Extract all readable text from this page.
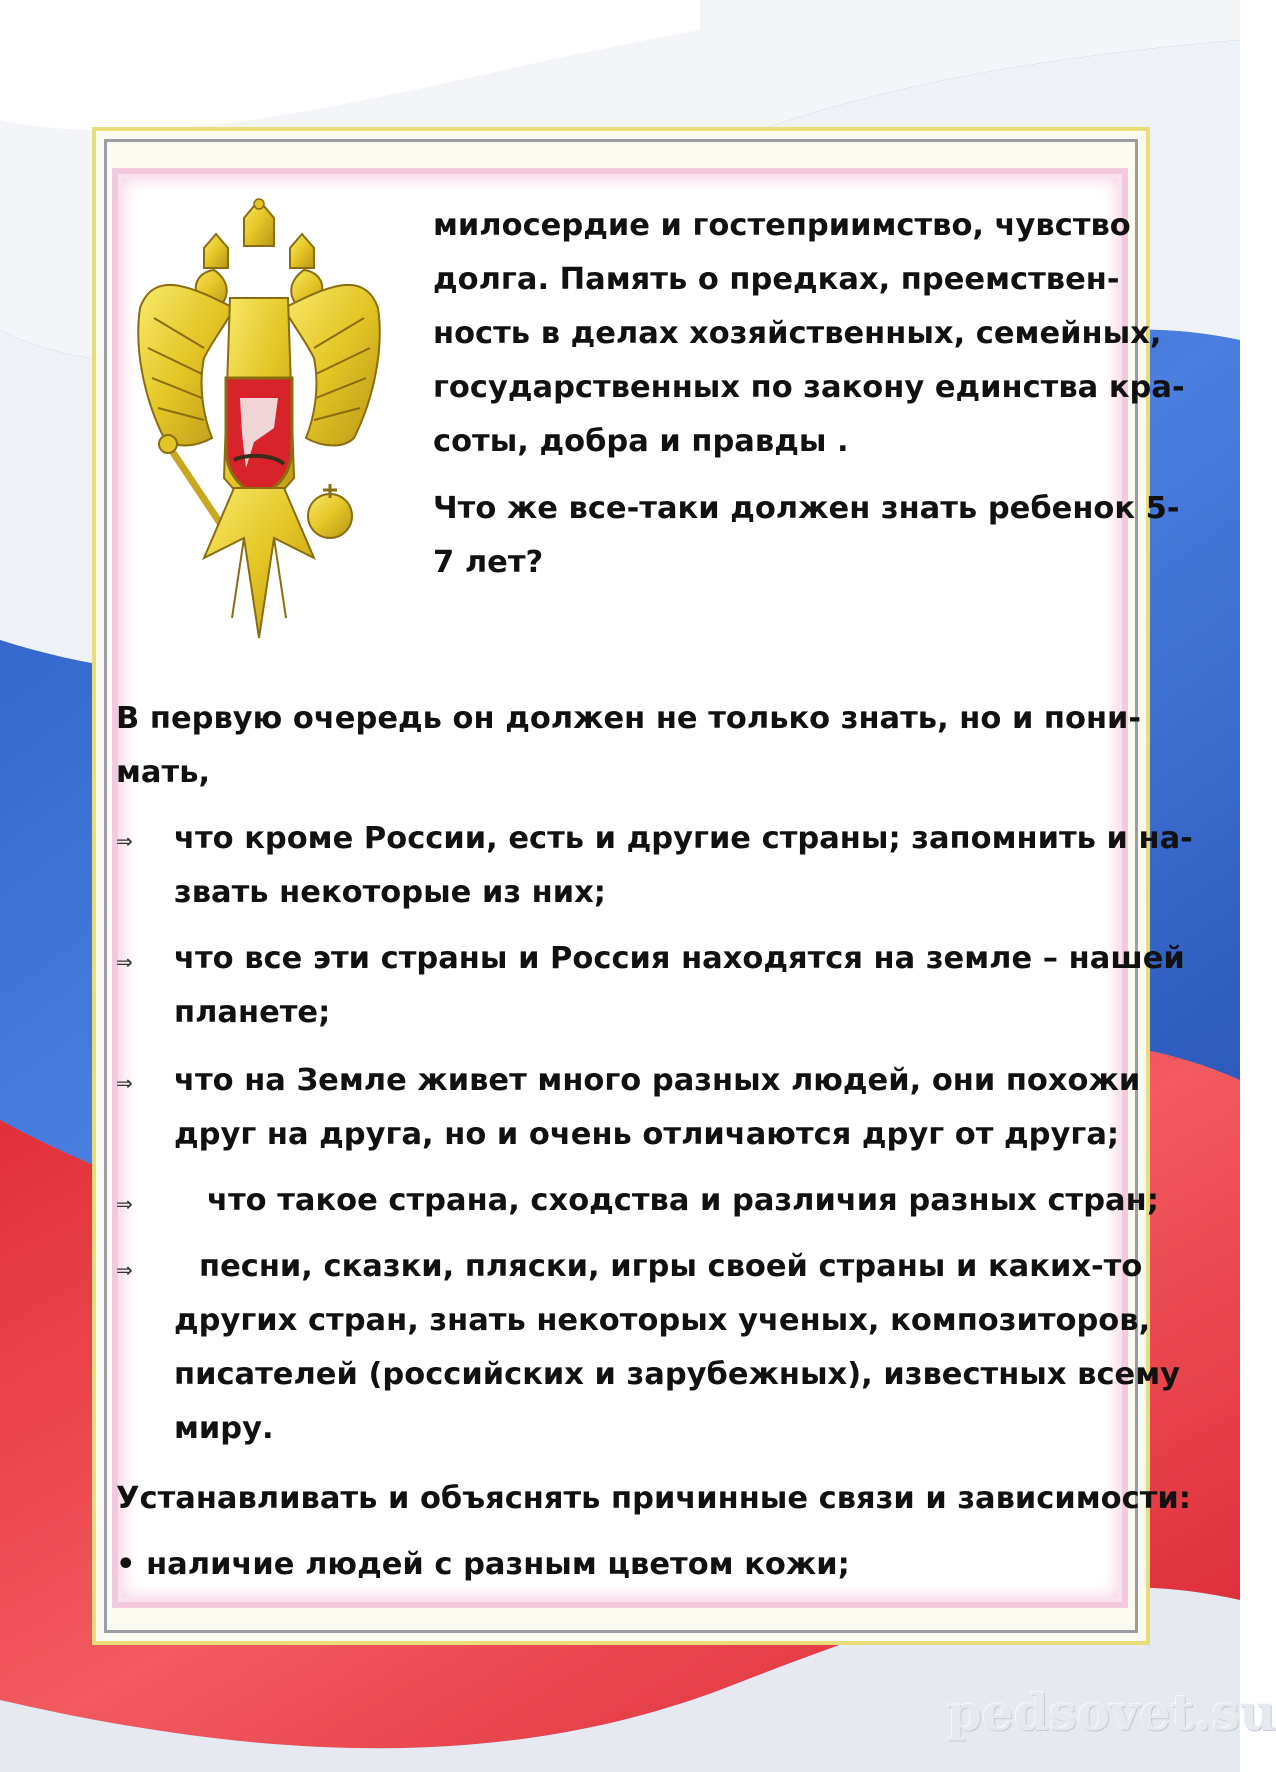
милосердие и гостеприимство, чувство
долга. Память о предках, преемствен-
ность в делах хозяйственных, семейных,
государственных по закону единства кра-
соты, добра и правды .
Что же все-таки должен знать ребенок 5-
7 лет?
В первую очередь он должен не только знать, но и пони-
мать,
⇒ что кроме России, есть и другие страны; запомнить и на-
звать некоторые из них;
⇒ что все эти страны и Россия находятся на земле – нашей
планете;
⇒ что на Земле живет много разных людей, они похожи
друг на друга, но и очень отличаются друг от друга;
⇒ что такое страна, сходства и различия разных стран;
⇒ песни, сказки, пляски, игры своей страны и каких-то
других стран, знать некоторых ученых, композиторов,
писателей (российских и зарубежных), известных всему
миру.
Устанавливать и объяснять причинные связи и зависимости:
• наличие людей с разным цветом кожи;
pedsovet.su
